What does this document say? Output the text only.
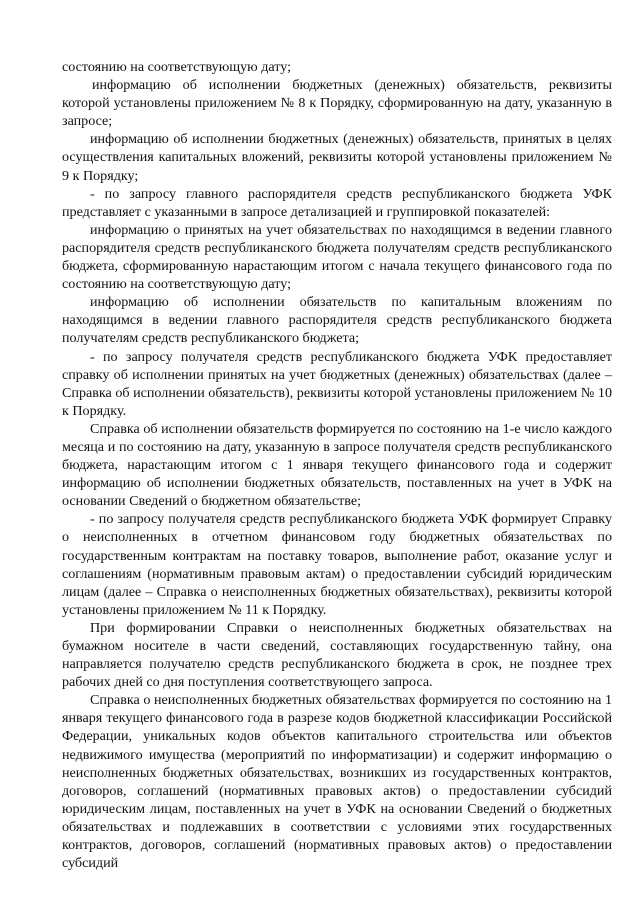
состоянию на соответствующую дату;

информацию об исполнении бюджетных (денежных) обязательств, реквизиты которой установлены приложением № 8 к Порядку, сформированную на дату, указанную в запросе;

информацию об исполнении бюджетных (денежных) обязательств, принятых в целях осуществления капитальных вложений, реквизиты которой установлены приложением № 9 к Порядку;

- по запросу главного распорядителя средств республиканского бюджета УФК представляет с указанными в запросе детализацией и группировкой показателей:

информацию о принятых на учет обязательствах по находящимся в ведении главного распорядителя средств республиканского бюджета получателям средств республиканского бюджета, сформированную нарастающим итогом с начала текущего финансового года по состоянию на соответствующую дату;

информацию об исполнении обязательств по капитальным вложениям по находящимся в ведении главного распорядителя средств республиканского бюджета получателям средств республиканского бюджета;

- по запросу получателя средств республиканского бюджета УФК предоставляет справку об исполнении принятых на учет бюджетных (денежных) обязательствах (далее – Справка об исполнении обязательств), реквизиты которой установлены приложением № 10 к Порядку.

Справка об исполнении обязательств формируется по состоянию на 1-е число каждого месяца и по состоянию на дату, указанную в запросе получателя средств республиканского бюджета, нарастающим итогом с 1 января текущего финансового года и содержит информацию об исполнении бюджетных обязательств, поставленных на учет в УФК на основании Сведений о бюджетном обязательстве;

- по запросу получателя средств республиканского бюджета УФК формирует Справку о неисполненных в отчетном финансовом году бюджетных обязательствах по государственным контрактам на поставку товаров, выполнение работ, оказание услуг и соглашениям (нормативным правовым актам) о предоставлении субсидий юридическим лицам (далее – Справка о неисполненных бюджетных обязательствах), реквизиты которой установлены приложением № 11 к Порядку.

При формировании Справки о неисполненных бюджетных обязательствах на бумажном носителе в части сведений, составляющих государственную тайну, она направляется получателю средств республиканского бюджета в срок, не позднее трех рабочих дней со дня поступления соответствующего запроса.

Справка о неисполненных бюджетных обязательствах формируется по состоянию на 1 января текущего финансового года в разрезе кодов бюджетной классификации Российской Федерации, уникальных кодов объектов капитального строительства или объектов недвижимого имущества (мероприятий по информатизации) и содержит информацию о неисполненных бюджетных обязательствах, возникших из государственных контрактов, договоров, соглашений (нормативных правовых актов) о предоставлении субсидий юридическим лицам, поставленных на учет в УФК на основании Сведений о бюджетных обязательствах и подлежавших в соответствии с условиями этих государственных контрактов, договоров, соглашений (нормативных правовых актов) о предоставлении субсидий
